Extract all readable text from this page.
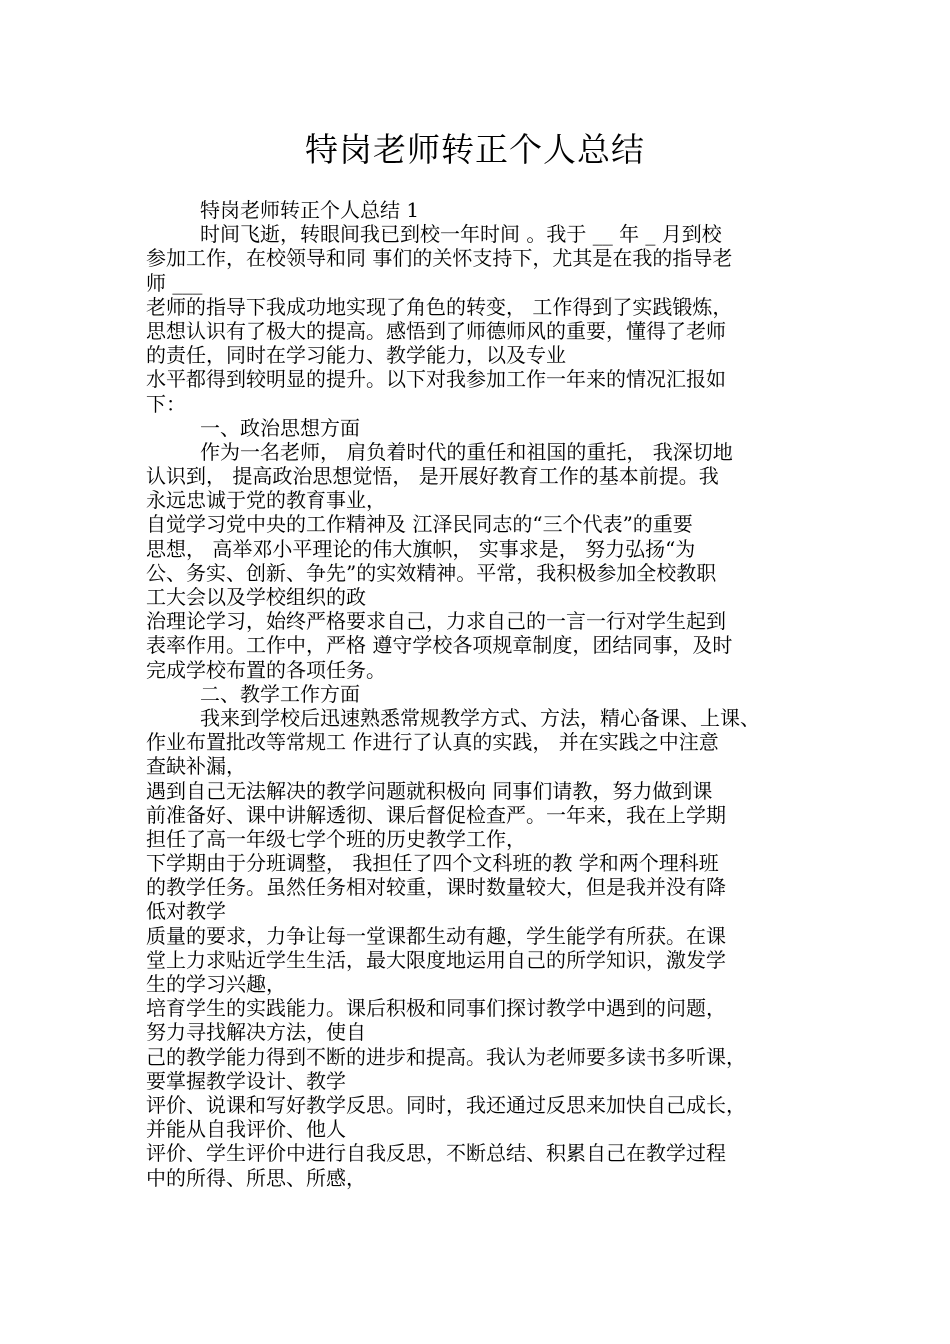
特岗老师转正个人总结
特岗老师转正个人总结 1
时间飞逝，转眼间我已到校一年时间 。我于 __ 年 _ 月到校
参加工作，在校领导和同 事们的关怀支持下，尤其是在我的指导老
师 ___
老师的指导下我成功地实现了角色的转变， 工作得到了实践锻炼，
思想认识有了极大的提高。感悟到了师德师风的重要，懂得了老师
的责任，同时在学习能力、教学能力，以及专业
水平都得到较明显的提升。以下对我参加工作一年来的情况汇报如
下：
一、政治思想方面
作为一名老师， 肩负着时代的重任和祖国的重托， 我深切地
认识到， 提高政治思想觉悟， 是开展好教育工作的基本前提。我
永远忠诚于党的教育事业，
自觉学习党中央的工作精神及 江泽民同志的“三个代表”的重要
思想， 高举邓小平理论的伟大旗帜， 实事求是， 努力弘扬“为
公、务实、创新、争先”的实效精神。平常，我积极参加全校教职
工大会以及学校组织的政
治理论学习，始终严格要求自己，力求自己的一言一行对学生起到
表率作用。工作中，严格 遵守学校各项规章制度，团结同事，及时
完成学校布置的各项任务。
二、教学工作方面
我来到学校后迅速熟悉常规教学方式、方法，精心备课、上课、
作业布置批改等常规工 作进行了认真的实践， 并在实践之中注意
查缺补漏，
遇到自己无法解决的教学问题就积极向 同事们请教，努力做到课
前准备好、课中讲解透彻、课后督促检查严。一年来，我在上学期
担任了高一年级七学个班的历史教学工作，
下学期由于分班调整， 我担任了四个文科班的教 学和两个理科班
的教学任务。虽然任务相对较重，课时数量较大，但是我并没有降
低对教学
质量的要求，力争让每一堂课都生动有趣，学生能学有所获。在课
堂上力求贴近学生生活，最大限度地运用自己的所学知识，激发学
生的学习兴趣，
培育学生的实践能力。课后积极和同事们探讨教学中遇到的问题，
努力寻找解决方法，使自
己的教学能力得到不断的进步和提高。我认为老师要多读书多听课，
要掌握教学设计、教学
评价、说课和写好教学反思。同时，我还通过反思来加快自己成长，
并能从自我评价、他人
评价、学生评价中进行自我反思，不断总结、积累自己在教学过程
中的所得、所思、所感，
